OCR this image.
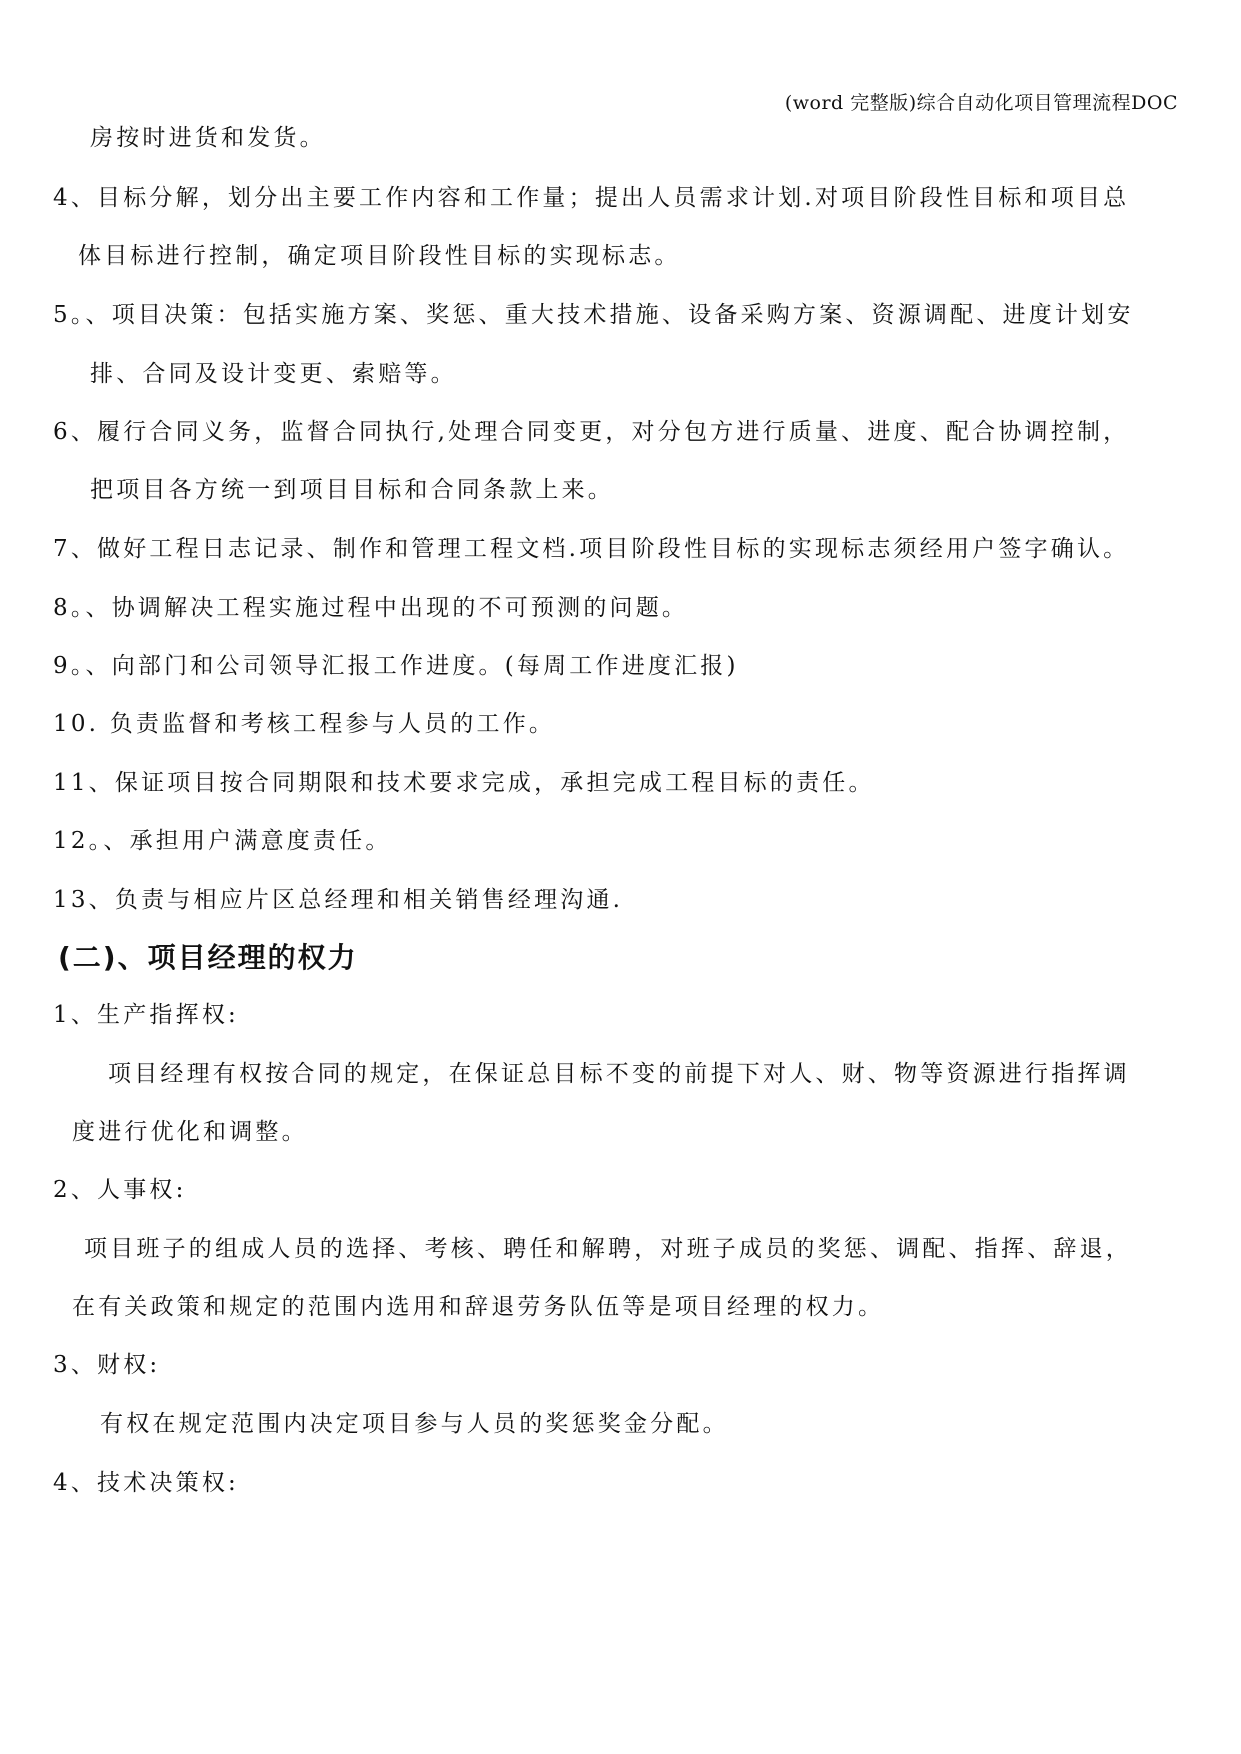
(word 完整版)综合自动化项目管理流程DOC
房按时进货和发货。
4、目标分解，划分出主要工作内容和工作量；提出人员需求计划.对项目阶段性目标和项目总
体目标进行控制，确定项目阶段性目标的实现标志。
5。、项目决策：包括实施方案、奖惩、重大技术措施、设备采购方案、资源调配、进度计划安
排、合同及设计变更、索赔等。
6、履行合同义务，监督合同执行,处理合同变更，对分包方进行质量、进度、配合协调控制，
把项目各方统一到项目目标和合同条款上来。
7、做好工程日志记录、制作和管理工程文档.项目阶段性目标的实现标志须经用户签字确认。
8。、协调解决工程实施过程中出现的不可预测的问题。
9。、向部门和公司领导汇报工作进度。(每周工作进度汇报)
10. 负责监督和考核工程参与人员的工作。
11、保证项目按合同期限和技术要求完成，承担完成工程目标的责任。
12。、承担用户满意度责任。
13、负责与相应片区总经理和相关销售经理沟通.
(二)、项目经理的权力
1、生产指挥权:
项目经理有权按合同的规定，在保证总目标不变的前提下对人、财、物等资源进行指挥调
度进行优化和调整。
2、人事权:
项目班子的组成人员的选择、考核、聘任和解聘，对班子成员的奖惩、调配、指挥、辞退，
在有关政策和规定的范围内选用和辞退劳务队伍等是项目经理的权力。
3、财权:
有权在规定范围内决定项目参与人员的奖惩奖金分配。
4、技术决策权:
